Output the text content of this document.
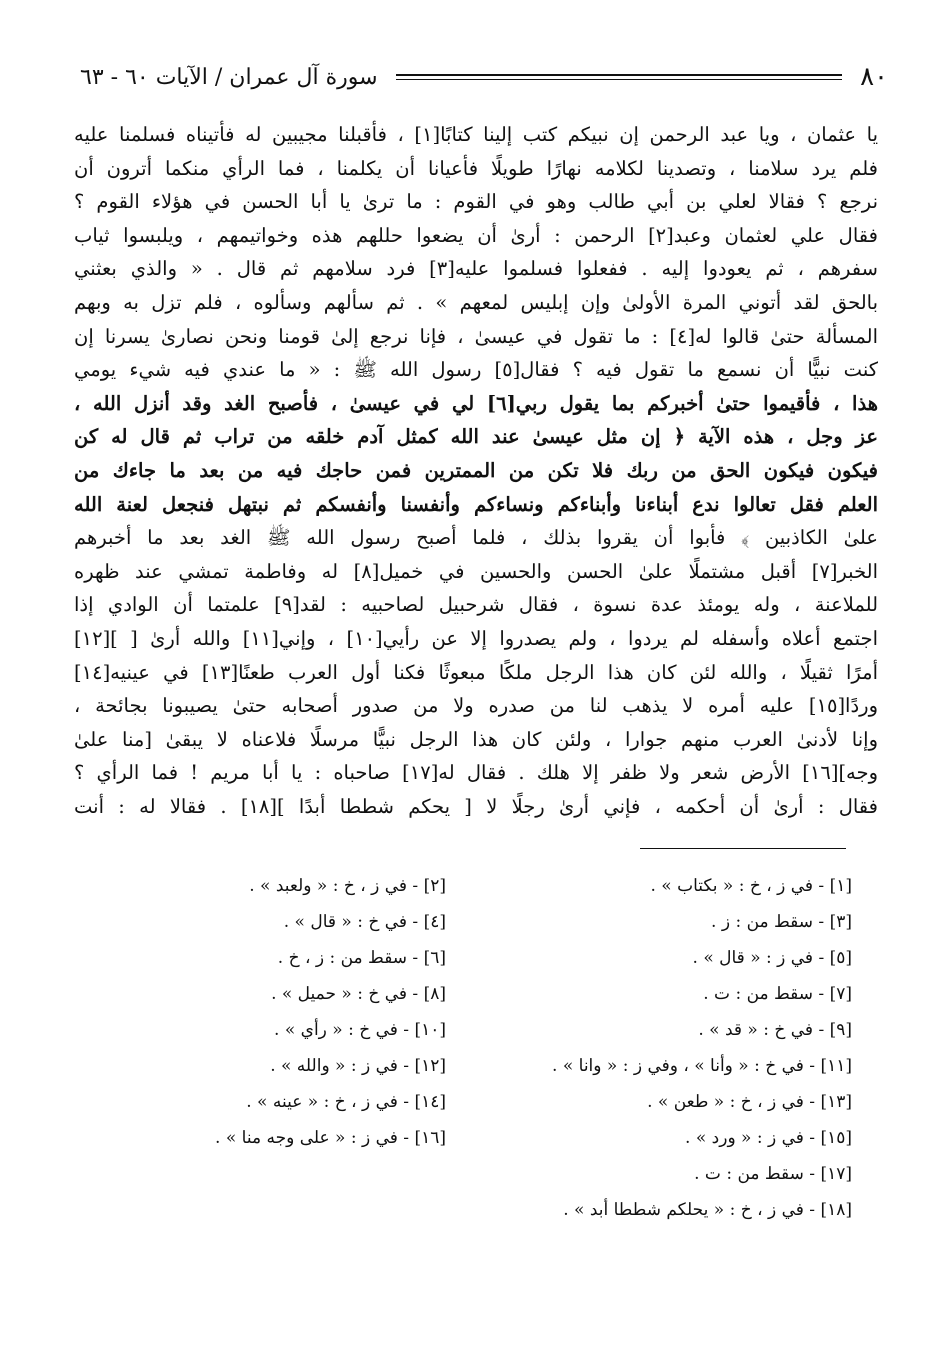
سورة آل عمران / الآيات ٦٠ - ٦٣	٨٠
يا عثمان ، ويا عبد الرحمن إن نبيكم كتب إلينا كتابًا[١] ، فأقبلنا مجيبين له فأتيناه فسلمنا عليه
فلم يرد سلامنا ، وتصدينا لكلامه نهارًا طويلًا فأعيانا أن يكلمنا ، فما الرأي منكما أترون أن
نرجع ؟ فقالا لعلي بن أبي طالب وهو في القوم : ما ترىٰ يا أبا الحسن في هؤلاء القوم ؟
فقال علي لعثمان وعبد[٢] الرحمن : أرىٰ أن يضعوا حللهم هذه وخواتيمهم ، ويلبسوا ثياب
سفرهم ، ثم يعودوا إليه . ففعلوا فسلموا عليه[٣] فرد سلامهم ثم قال . « والذي بعثني
بالحق لقد أتوني المرة الأولىٰ وإن إبليس لمعهم » . ثم سألهم وسألوه ، فلم تزل به وبهم
المسألة حتىٰ قالوا له[٤] : ما تقول في عيسىٰ ، فإنا نرجع إلىٰ قومنا ونحن نصارىٰ يسرنا إن
كنت نبيًّا أن نسمع ما تقول فيه ؟ فقال[٥] رسول الله ﷺ : « ما عندي فيه شيء يومي
هذا ، فأقيموا حتىٰ أخبركم بما يقول ربي[٦] لي في عيسىٰ ، فأصبح الغد وقد أنزل الله ،
عز وجل ، هذه الآية ﴿ إن مثل عيسىٰ عند الله كمثل آدم خلقه من تراب ثم قال له كن
فيكون فيكون الحق من ربك فلا تكن من الممترين فمن حاجك فيه من بعد ما جاءك من
العلم فقل تعالوا ندع أبناءنا وأبناءكم ونساءكم وأنفسنا وأنفسكم ثم نبتهل فنجعل لعنة الله
علىٰ الكاذبين ﴾ فأبوا أن يقروا بذلك ، فلما أصبح رسول الله ﷺ الغد بعد ما أخبرهم
الخبر[٧] أقبل مشتملًا علىٰ الحسن والحسين في خميل[٨] له وفاطمة تمشي عند ظهره
للملاعنة ، وله يومئذ عدة نسوة ، فقال شرحبيل لصاحبيه : لقد[٩] علمتما أن الوادي إذا
اجتمع أعلاه وأسفله لم يردوا ، ولم يصدروا إلا عن رأيي[١٠] ، وإني[١١] والله أرىٰ [ ][١٢]
أمرًا ثقيلًا ، والله لئن كان هذا الرجل ملكًا مبعوثًا فكنا أول العرب طعنًا[١٣] في عينيه[١٤]
وردًا[١٥] عليه أمره لا يذهب لنا من صدره ولا من صدور أصحابه حتىٰ يصيبونا بجائحة ،
وإنا لأدنىٰ العرب منهم جوارا ، ولئن كان هذا الرجل نبيًّا مرسلًا فلاعناه لا يبقىٰ [منا علىٰ
وجه][١٦] الأرض شعر ولا ظفر إلا هلك . فقال له[١٧] صاحباه : يا أبا مريم ! فما الرأي ؟
فقال : أرىٰ أن أحكمه ، فإني أرىٰ رجلًا لا [ يحكم شططا أبدًا ][١٨] . فقالا له : أنت
[١] - في ز ، خ : « بكتاب » .
[٣] - سقط من : ز .
[٥] - في ز : « قال » .
[٧] - سقط من : ت .
[٩] - في خ : « قد » .
[١١] - في خ : « وأنا » ، وفي ز : « وانا » .
[١٣] - في ز ، خ : « طعن » .
[١٥] - في ز : « ورد » .
[١٧] - سقط من : ت .
[١٨] - في ز ، خ : « يحلكم شططا أبد » .
[٢] - في ز ، خ : « ولعبد » .
[٤] - في خ : « قال » .
[٦] - سقط من : ز ، خ .
[٨] - في خ : « حميل » .
[١٠] - في خ : « رأي » .
[١٢] - في ز : « والله » .
[١٤] - في ز ، خ : « عينه » .
[١٦] - في ز : « على وجه منا » .
